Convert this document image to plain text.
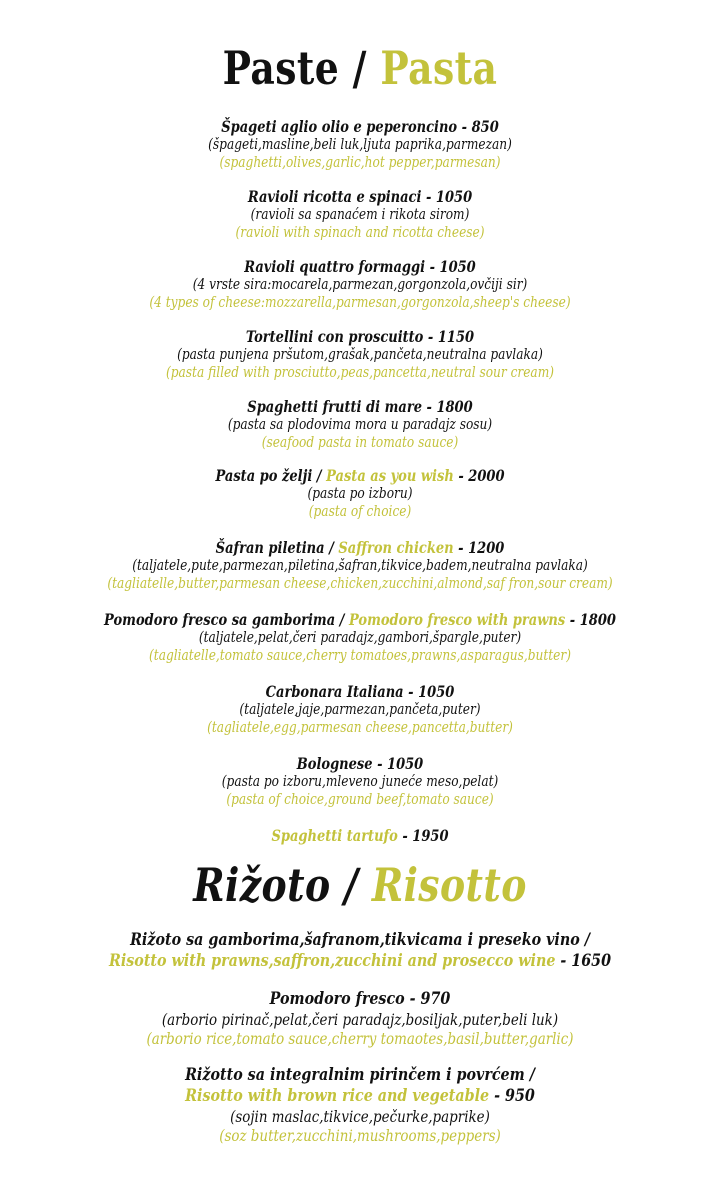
Paste / Pasta
Špageti aglio olio e peperoncino - 850
(špageti,masline,beli luk,ljuta paprika,parmezan)
(spaghetti,olives,garlic,hot pepper,parmesan)
Ravioli ricotta e spinaci - 1050
(ravioli sa spanaćem i rikota sirom)
(ravioli with spinach and ricotta cheese)
Ravioli quattro formaggi - 1050
(4 vrste sira:mocarela,parmezan,gorgonzola,ovčiji sir)
(4 types of cheese:mozzarella,parmesan,gorgonzola,sheep's cheese)
Tortellini con proscuitto - 1150
(pasta punjena pršutom,grašak,pančeta,neutralna pavlaka)
(pasta filled with prosciutto,peas,pancetta,neutral sour cream)
Spaghetti frutti di mare - 1800
(pasta sa plodovima mora u paradajz sosu)
(seafood pasta in tomato sauce)
Pasta po želji / Pasta as you wish - 2000
(pasta po izboru)
(pasta of choice)
Šafran piletina / Saffron chicken - 1200
(taljatele,pute,parmezan,piletina,šafran,tikvice,badem,neutralna pavlaka)
(tagliatelle,butter,parmesan cheese,chicken,zucchini,almond,saf fron,sour cream)
Pomodoro fresco sa gamborima / Pomodoro fresco with prawns - 1800
(taljatele,pelat,čeri paradajz,gambori,špargle,puter)
(tagliatelle,tomato sauce,cherry tomatoes,prawns,asparagus,butter)
Carbonara Italiana - 1050
(taljatele,jaje,parmezan,pančeta,puter)
(tagliatele,egg,parmesan cheese,pancetta,butter)
Bolognese - 1050
(pasta po izboru,mleveno juneće meso,pelat)
(pasta of choice,ground beef,tomato sauce)
Spaghetti tartufo - 1950
Rižoto / Risotto
Rižoto sa gamborima,šafranom,tikvicama i preseko vino /
Risotto with prawns,saffron,zucchini and prosecco wine - 1650
Pomodoro fresco - 970
(arborio pirinač,pelat,čeri paradajz,bosiljak,puter,beli luk)
(arborio rice,tomato sauce,cherry tomaotes,basil,butter,garlic)
Rižotto sa integralnim pirinčem i povrćem /
Risotto with brown rice and vegetable - 950
(sojin maslac,tikvice,pečurke,paprike)
(soz butter,zucchini,mushrooms,peppers)
